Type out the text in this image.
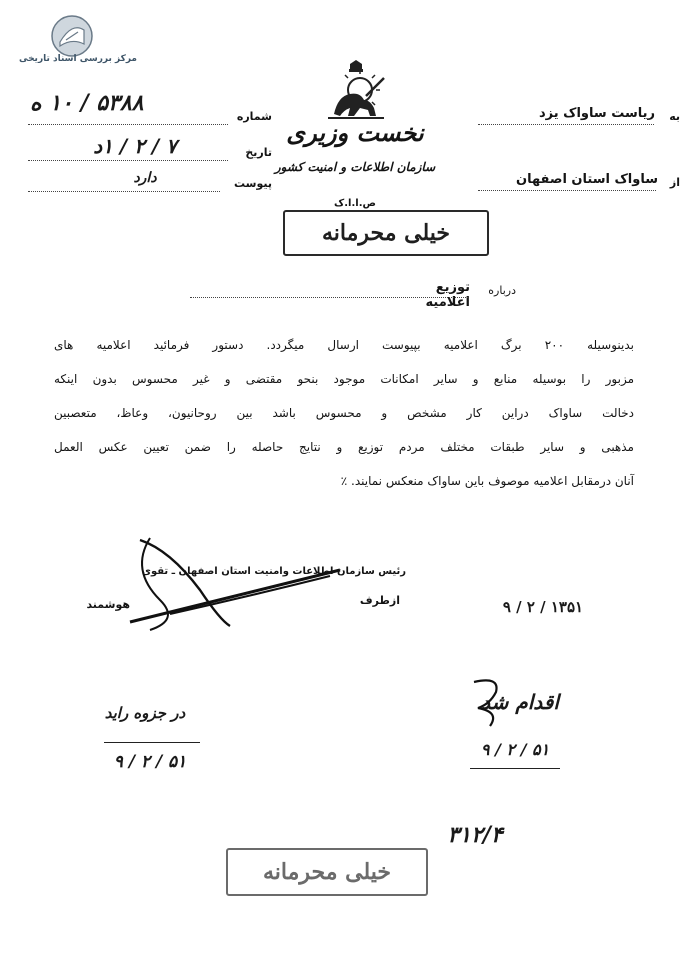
مرکز بررسی اسناد تاریخی
نخست وزیری
سازمان اطلاعات و امنیت کشور
ص.ا.ا.ک
خیلی محرمانه
شماره
۵۳۸۸ / ۱۰ ه
تاریخ
۷ / ۲ / ۱د
پیوست
دارد
به
ریاست ساواک یزد
از
ساواک استان اصفهان
درباره
توزیع اعلامیه
بدینوسیله ۲۰۰ برگ اعلامیه بپیوست ارسال میگردد. دستور فرمائید اعلامیه های
مزبور را بوسیله منابع و سایر امکانات موجود بنحو مقتضی و غیر محسوس بدون اینکه
دخالت ساواک دراین کار مشخص و محسوس باشد بین روحانیون، وعاظ، متعصبین
مذهبی و سایر طبقات مختلف مردم توزیع و نتایج حاصله را ضمن تعیین عکس العمل
آنان درمقابل اعلامیه موصوف باین ساواک منعکس نمایند. ٪
رئیس سازمان اطلاعات وامنیت استان اصفهان ـ تقوی
ازطرف
هوشمند	۹ / ۲ / ۱۳۵۱
اقدام شد
۹ / ۲ / ۵۱
در جزوه راید
۹ / ۲ / ۵۱
۳۱۲/۴
خیلی محرمانه
